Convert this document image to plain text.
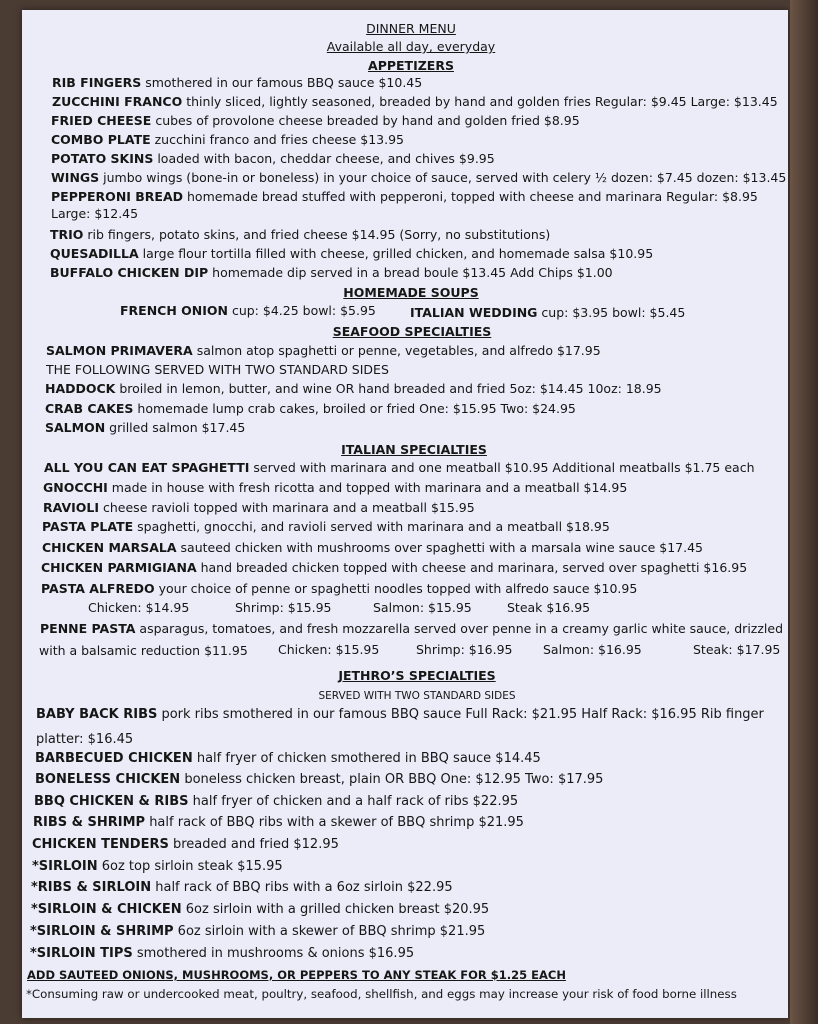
DINNER MENU
Available all day, everyday
APPETIZERS
RIB FINGERS smothered in our famous BBQ sauce $10.45
ZUCCHINI FRANCO thinly sliced, lightly seasoned, breaded by hand and golden fries Regular: $9.45 Large: $13.45
FRIED CHEESE cubes of provolone cheese breaded by hand and golden fried $8.95
COMBO PLATE zucchini franco and fries cheese $13.95
POTATO SKINS loaded with bacon, cheddar cheese, and chives $9.95
WINGS jumbo wings (bone-in or boneless) in your choice of sauce, served with celery ½ dozen: $7.45 dozen: $13.45
PEPPERONI BREAD homemade bread stuffed with pepperoni, topped with cheese and marinara Regular: $8.95
Large: $12.45
TRIO rib fingers, potato skins, and fried cheese $14.95 (Sorry, no substitutions)
QUESADILLA large flour tortilla filled with cheese, grilled chicken, and homemade salsa $10.95
BUFFALO CHICKEN DIP homemade dip served in a bread boule $13.45 Add Chips $1.00
HOMEMADE SOUPS
FRENCH ONION cup: $4.25 bowl: $5.95	ITALIAN WEDDING cup: $3.95 bowl: $5.45
SEAFOOD SPECIALTIES
SALMON PRIMAVERA salmon atop spaghetti or penne, vegetables, and alfredo $17.95
THE FOLLOWING SERVED WITH TWO STANDARD SIDES
HADDOCK broiled in lemon, butter, and wine OR hand breaded and fried 5oz: $14.45 10oz: 18.95
CRAB CAKES homemade lump crab cakes, broiled or fried One: $15.95 Two: $24.95
SALMON grilled salmon $17.45
ITALIAN SPECIALTIES
ALL YOU CAN EAT SPAGHETTI served with marinara and one meatball $10.95 Additional meatballs $1.75 each
GNOCCHI made in house with fresh ricotta and topped with marinara and a meatball $14.95
RAVIOLI cheese ravioli topped with marinara and a meatball $15.95
PASTA PLATE spaghetti, gnocchi, and ravioli served with marinara and a meatball $18.95
CHICKEN MARSALA sauteed chicken with mushrooms over spaghetti with a marsala wine sauce $17.45
CHICKEN PARMIGIANA hand breaded chicken topped with cheese and marinara, served over spaghetti $16.95
PASTA ALFREDO your choice of penne or spaghetti noodles topped with alfredo sauce $10.95
Chicken: $14.95	Shrimp: $15.95	Salmon: $15.95	Steak $16.95
PENNE PASTA asparagus, tomatoes, and fresh mozzarella served over penne in a creamy garlic white sauce, drizzled
with a balsamic reduction $11.95 Chicken: $15.95	Shrimp: $16.95 Salmon: $16.95	Steak: $17.95
JETHRO’S SPECIALTIES
SERVED WITH TWO STANDARD SIDES
BABY BACK RIBS pork ribs smothered in our famous BBQ sauce Full Rack: $21.95 Half Rack: $16.95 Rib finger
platter: $16.45
BARBECUED CHICKEN half fryer of chicken smothered in BBQ sauce $14.45
BONELESS CHICKEN boneless chicken breast, plain OR BBQ One: $12.95 Two: $17.95
BBQ CHICKEN & RIBS half fryer of chicken and a half rack of ribs $22.95
RIBS & SHRIMP half rack of BBQ ribs with a skewer of BBQ shrimp $21.95
CHICKEN TENDERS breaded and fried $12.95
*SIRLOIN 6oz top sirloin steak $15.95
*RIBS & SIRLOIN half rack of BBQ ribs with a 6oz sirloin $22.95
*SIRLOIN & CHICKEN 6oz sirloin with a grilled chicken breast $20.95
*SIRLOIN & SHRIMP 6oz sirloin with a skewer of BBQ shrimp $21.95
*SIRLOIN TIPS smothered in mushrooms & onions $16.95
ADD SAUTEED ONIONS, MUSHROOMS, OR PEPPERS TO ANY STEAK FOR $1.25 EACH
*Consuming raw or undercooked meat, poultry, seafood, shellfish, and eggs may increase your risk of food borne illness
